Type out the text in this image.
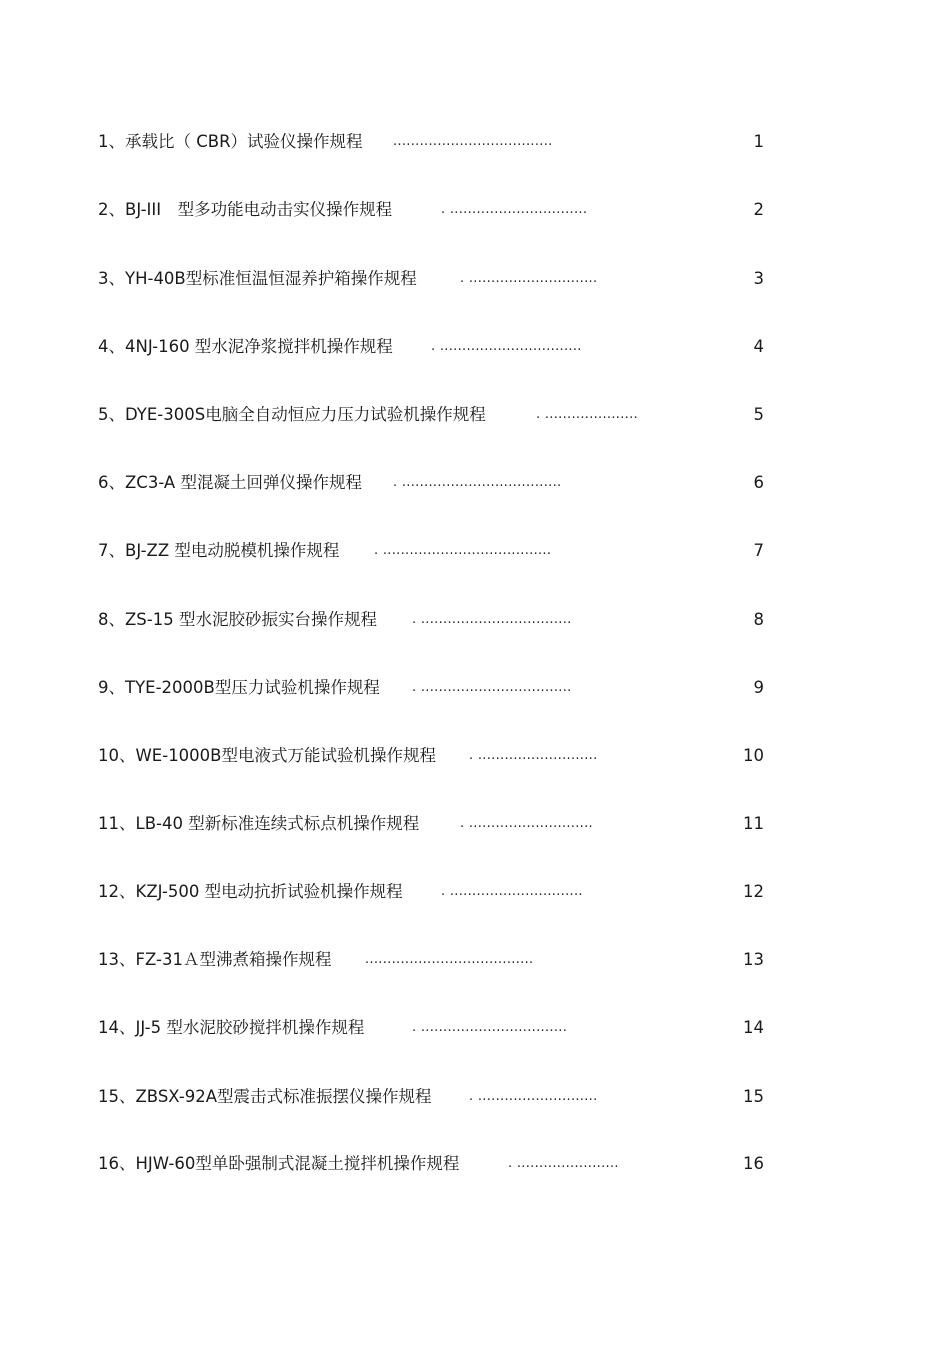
1、承载比（ CBR）试验仪操作规程 ....................................	1
2、BJ-III　型多功能电动击实仪操作规程	. ...............................	2
3、YH-40B型标准恒温恒湿养护箱操作规程	. .............................	3
4、4NJ-160 型水泥净浆搅拌机操作规程	. ................................	4
5、DYE-300S电脑全自动恒应力压力试验机操作规程	. .....................	5
6、ZC3-A 型混凝土回弹仪操作规程 . ....................................	6
7、BJ-ZZ 型电动脱模机操作规程	. ......................................	7
8、ZS-15 型水泥胶砂振实台操作规程	. ..................................	8
9、TYE-2000B型压力试验机操作规程 . ..................................	9
10、WE-1000B型电液式万能试验机操作规程	. ...........................	10
11、LB-40 型新标准连续式标点机操作规程	. ............................	11
12、KZJ-500 型电动抗折试验机操作规程	. ..............................	12
13、FZ-31Ａ型沸煮箱操作规程	......................................	13
14、JJ-5 型水泥胶砂搅拌机操作规程	. .................................	14
15、ZBSX-92A型震击式标准振摆仪操作规程	. ...........................	15
16、HJW-60型单卧强制式混凝土搅拌机操作规程	. .......................	16
